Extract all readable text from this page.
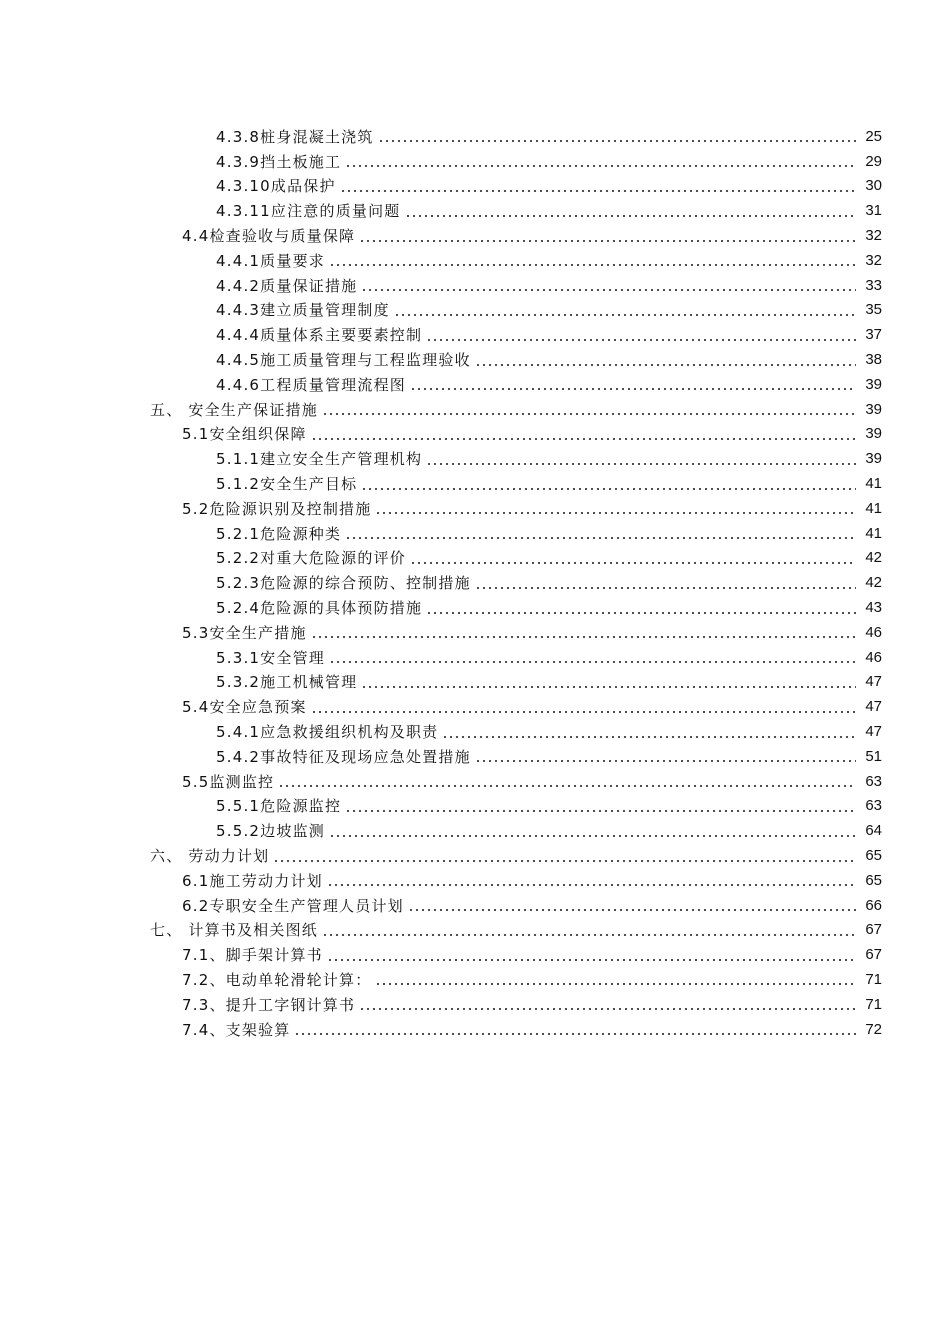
4.3.8桩身混凝土浇筑	25
4.3.9挡土板施工	29
4.3.10成品保护	30
4.3.11应注意的质量问题	31
4.4检查验收与质量保障	32
4.4.1质量要求	32
4.4.2质量保证措施	33
4.4.3建立质量管理制度	35
4.4.4质量体系主要要素控制	37
4.4.5施工质量管理与工程监理验收	38
4.4.6工程质量管理流程图	39
五、 安全生产保证措施	39
5.1安全组织保障	39
5.1.1建立安全生产管理机构	39
5.1.2安全生产目标	41
5.2危险源识别及控制措施	41
5.2.1危险源种类	41
5.2.2对重大危险源的评价	42
5.2.3危险源的综合预防、控制措施	42
5.2.4危险源的具体预防措施	43
5.3安全生产措施	46
5.3.1安全管理	46
5.3.2施工机械管理	47
5.4安全应急预案	47
5.4.1应急救援组织机构及职责	47
5.4.2事故特征及现场应急处置措施	51
5.5监测监控	63
5.5.1危险源监控	63
5.5.2边坡监测	64
六、 劳动力计划	65
6.1施工劳动力计划	65
6.2专职安全生产管理人员计划	66
七、 计算书及相关图纸	67
7.1、脚手架计算书	67
7.2、电动单轮滑轮计算：	71
7.3、提升工字钢计算书	71
7.4、支架验算	72
